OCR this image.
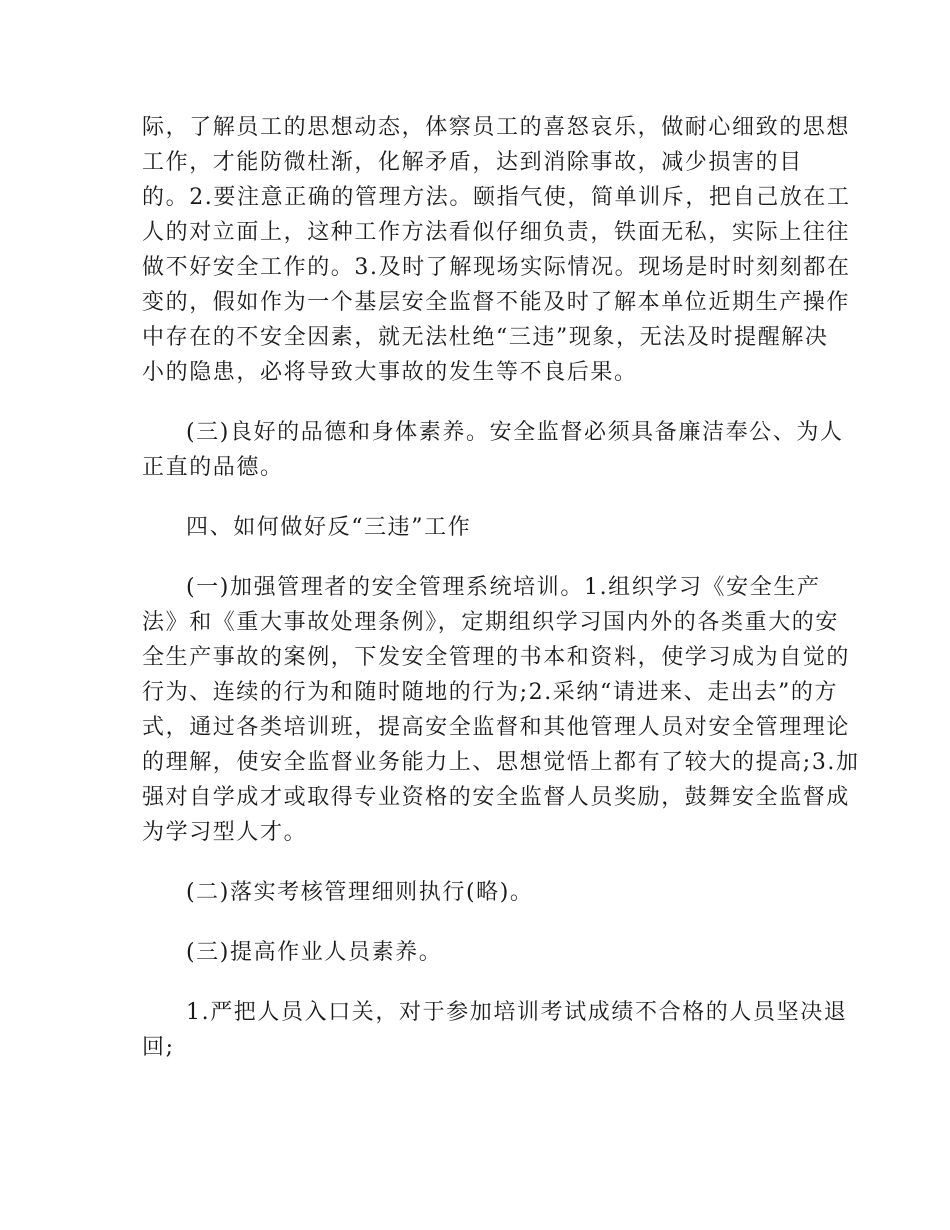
际，了解员工的思想动态，体察员工的喜怒哀乐，做耐心细致的思想
工作，才能防微杜渐，化解矛盾，达到消除事故，减少损害的目
的。2.要注意正确的管理方法。颐指气使，简单训斥，把自己放在工
人的对立面上，这种工作方法看似仔细负责，铁面无私，实际上往往
做不好安全工作的。3.及时了解现场实际情况。现场是时时刻刻都在
变的，假如作为一个基层安全监督不能及时了解本单位近期生产操作
中存在的不安全因素，就无法杜绝“三违”现象，无法及时提醒解决
小的隐患，必将导致大事故的发生等不良后果。
(三)良好的品德和身体素养。安全监督必须具备廉洁奉公、为人
正直的品德。
四、如何做好反“三违”工作
(一)加强管理者的安全管理系统培训。1.组织学习《安全生产
法》和《重大事故处理条例》，定期组织学习国内外的各类重大的安
全生产事故的案例，下发安全管理的书本和资料，使学习成为自觉的
行为、连续的行为和随时随地的行为;2.采纳“请进来、走出去”的方
式，通过各类培训班，提高安全监督和其他管理人员对安全管理理论
的理解，使安全监督业务能力上、思想觉悟上都有了较大的提高;3.加
强对自学成才或取得专业资格的安全监督人员奖励，鼓舞安全监督成
为学习型人才。
(二)落实考核管理细则执行(略)。
(三)提高作业人员素养。
1.严把人员入口关，对于参加培训考试成绩不合格的人员坚决退
回;
